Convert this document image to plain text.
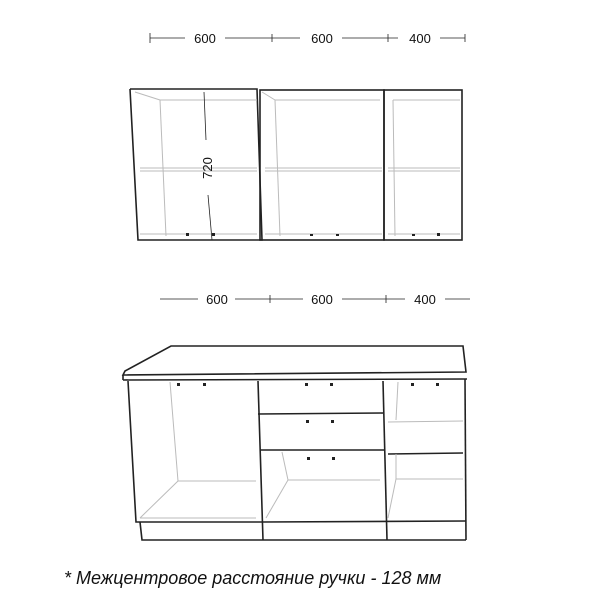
600	600	400
720
600	600	400
* Межцентровое расстояние ручки - 128 мм
